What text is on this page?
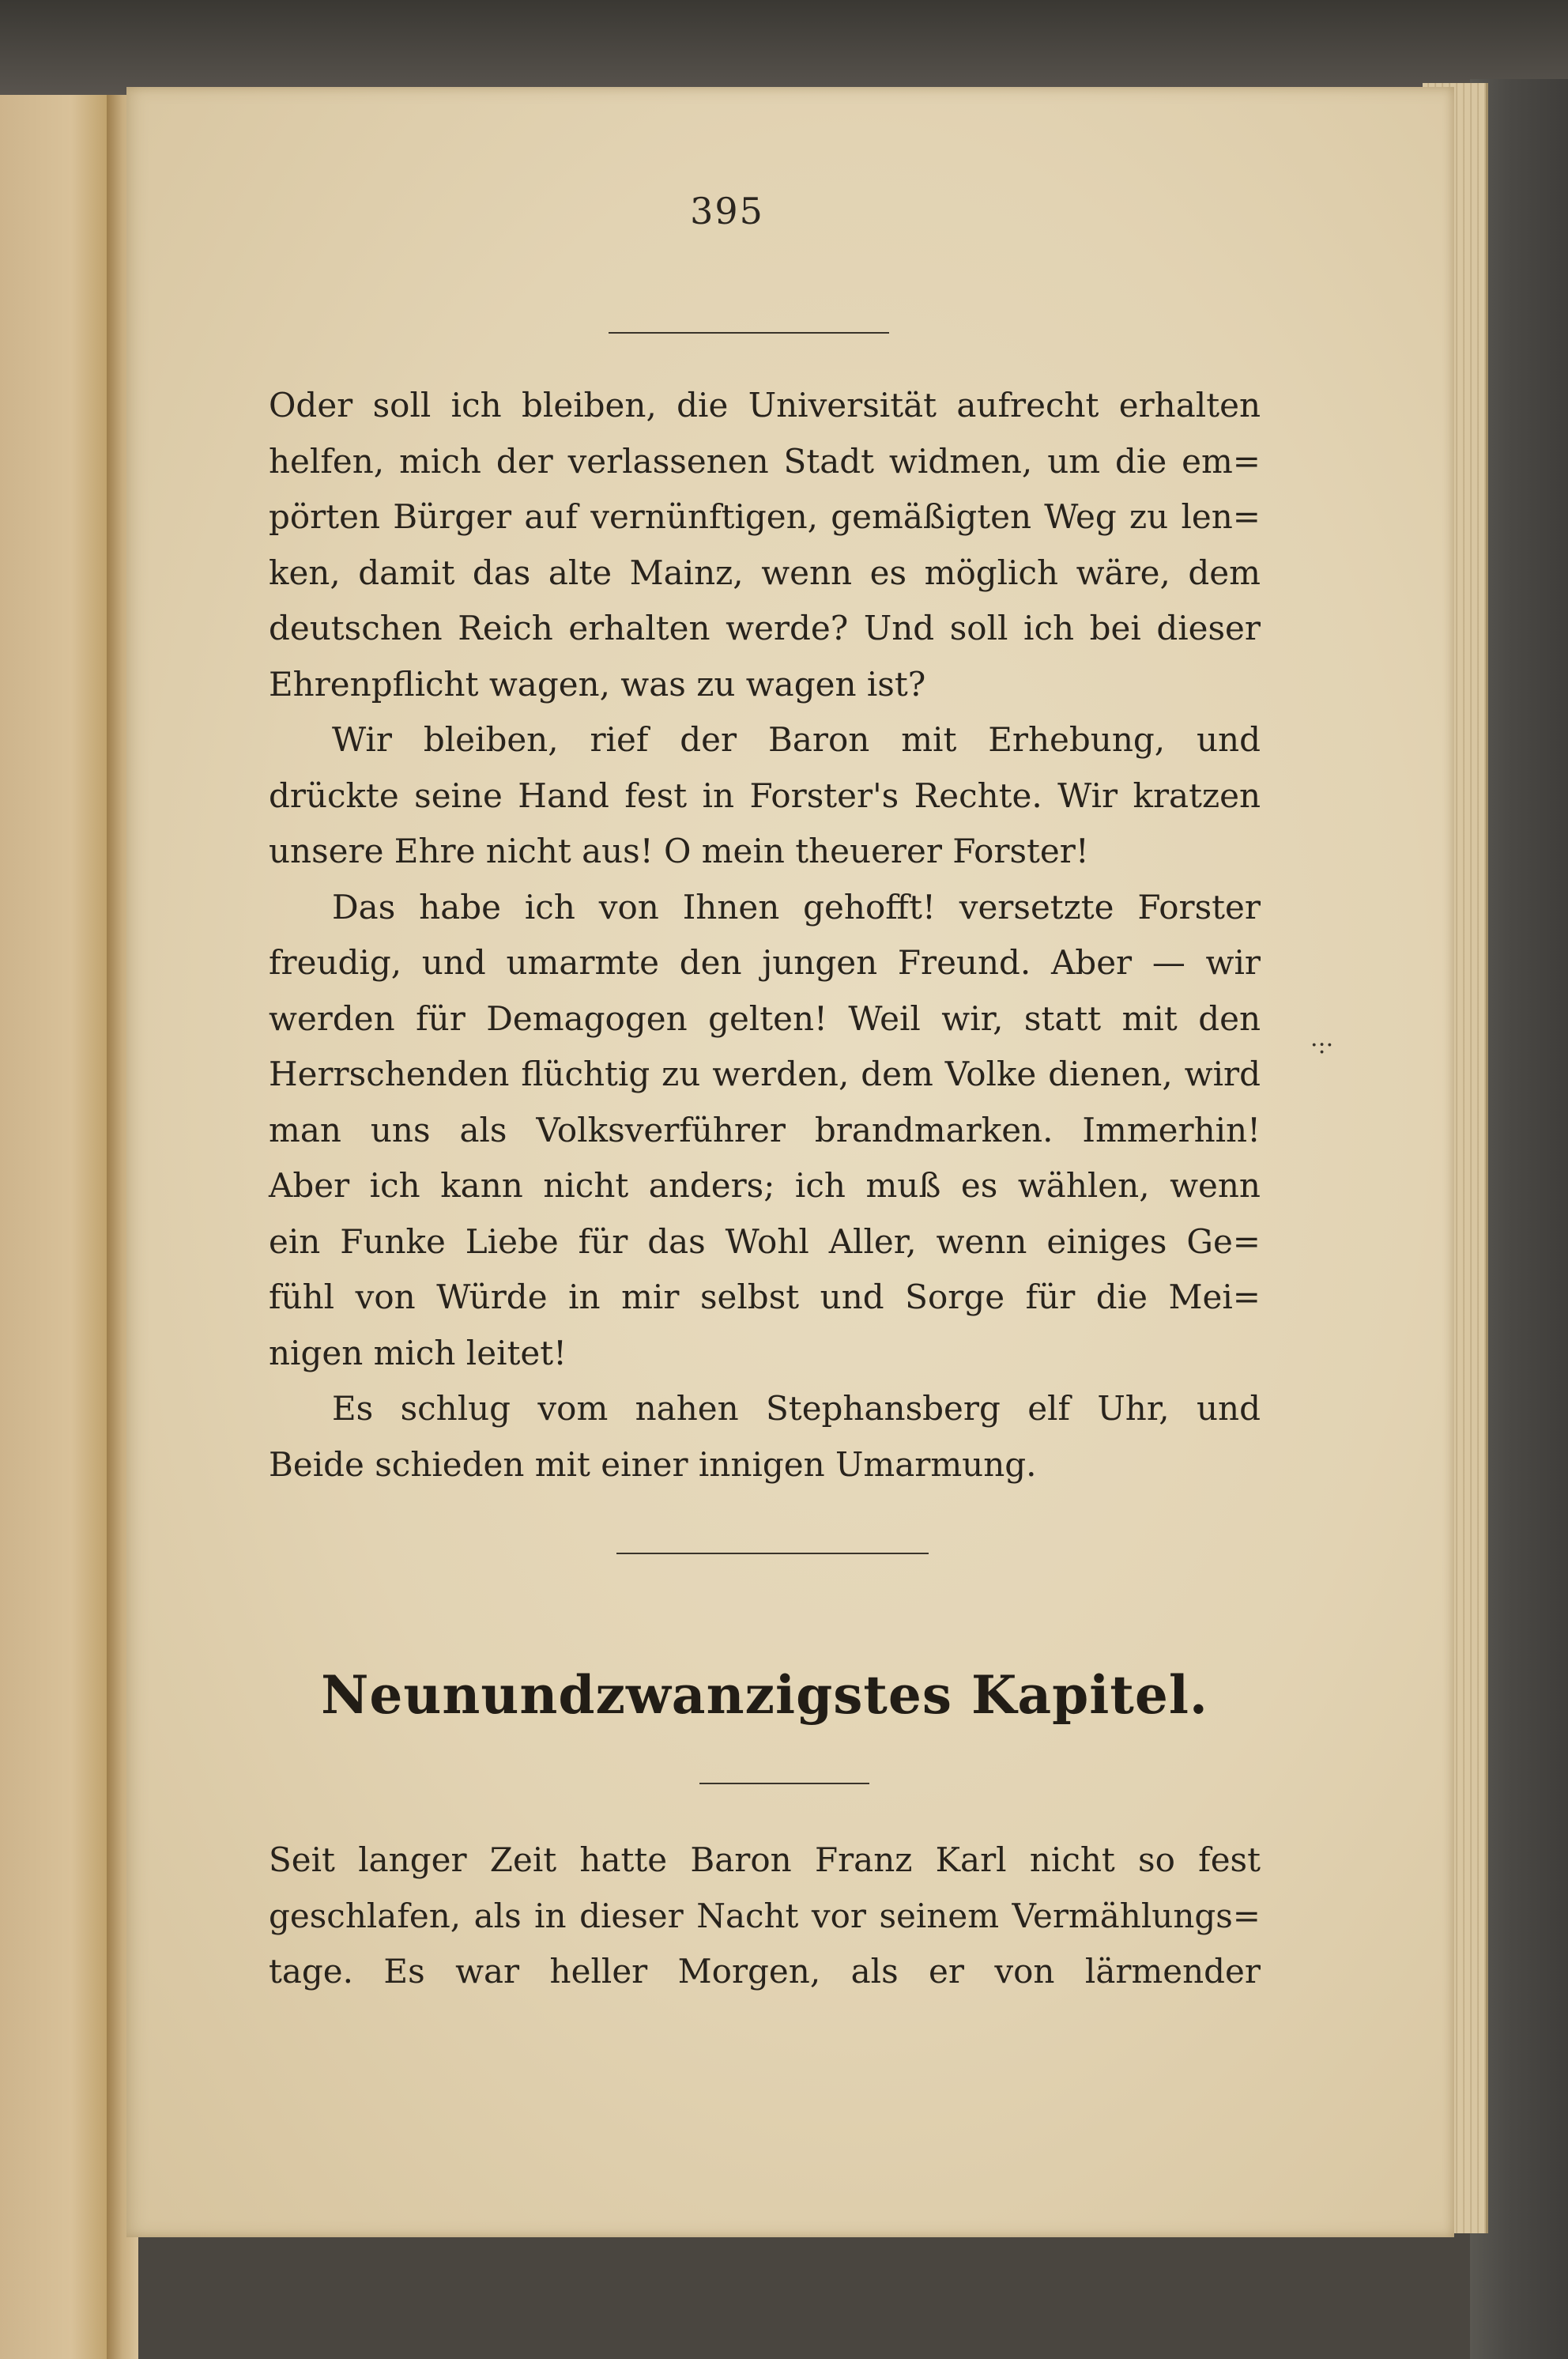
395

Oder soll ich bleiben, die Universität aufrecht erhalten
helfen, mich der verlassenen Stadt widmen, um die em=
pörten Bürger auf vernünftigen, gemäßigten Weg zu len=
ken, damit das alte Mainz, wenn es möglich wäre, dem
deutschen Reich erhalten werde? Und soll ich bei dieser
Ehrenpflicht wagen, was zu wagen ist?

Wir bleiben, rief der Baron mit Erhebung, und
drückte seine Hand fest in Forster's Rechte. Wir kratzen
unsere Ehre nicht aus! O mein theuerer Forster!

Das habe ich von Ihnen gehofft! versetzte Forster
freudig, und umarmte den jungen Freund. Aber — wir
werden für Demagogen gelten! Weil wir, statt mit den
Herrschenden flüchtig zu werden, dem Volke dienen, wird
man uns als Volksverführer brandmarken. Immerhin!
Aber ich kann nicht anders; ich muß es wählen, wenn
ein Funke Liebe für das Wohl Aller, wenn einiges Ge=
fühl von Würde in mir selbst und Sorge für die Mei=
nigen mich leitet!

Es schlug vom nahen Stephansberg elf Uhr, und
Beide schieden mit einer innigen Umarmung.

·:·
Neunundzwanzigstes Kapitel.

Seit langer Zeit hatte Baron Franz Karl nicht so fest
geschlafen, als in dieser Nacht vor seinem Vermählungs=
tage. Es war heller Morgen, als er von lärmender
